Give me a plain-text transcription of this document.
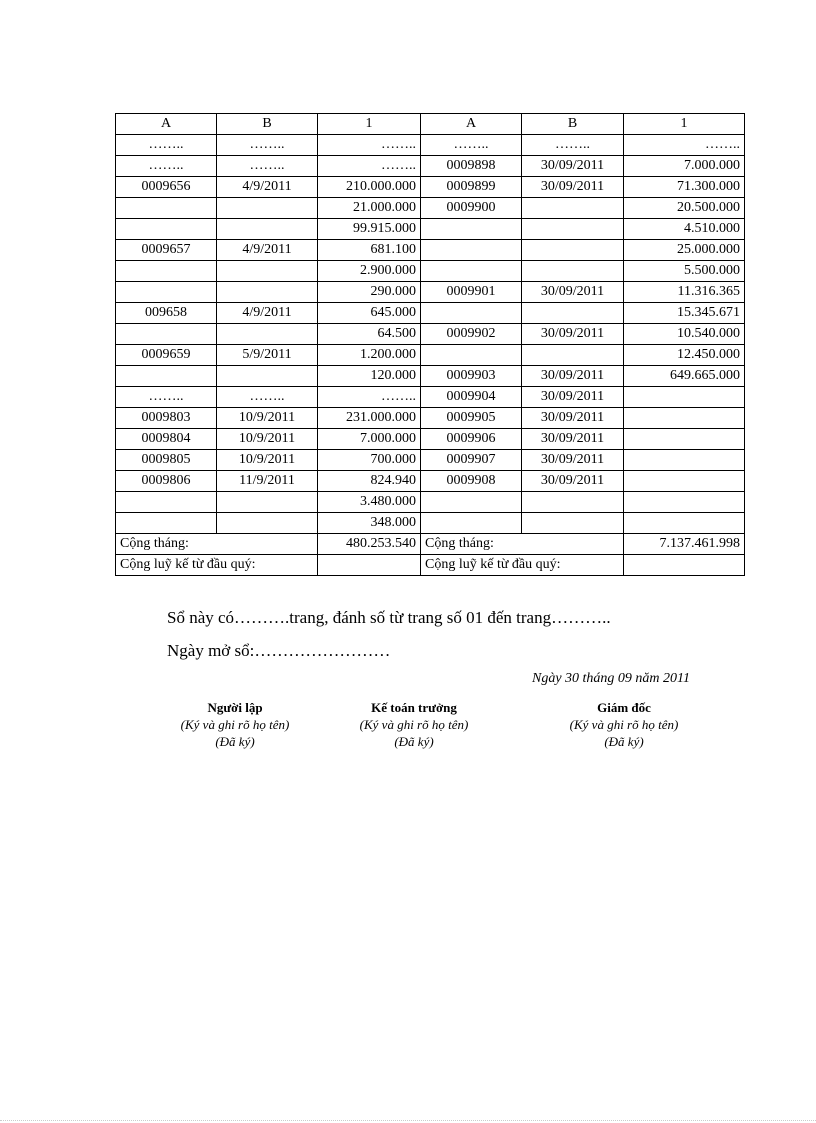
A	B	1	A	B	1
……..	……..	……..	……..	……..	……..
……..	……..	……..	0009898	30/09/2011	7.000.000
0009656	4/9/2011	210.000.000	0009899	30/09/2011	71.300.000
		21.000.000	0009900		20.500.000
		99.915.000			4.510.000
0009657	4/9/2011	681.100			25.000.000
		2.900.000			5.500.000
		290.000	0009901	30/09/2011	11.316.365
009658	4/9/2011	645.000			15.345.671
		64.500	0009902	30/09/2011	10.540.000
0009659	5/9/2011	1.200.000			12.450.000
		120.000	0009903	30/09/2011	649.665.000
……..	……..	……..	0009904	30/09/2011	
0009803	10/9/2011	231.000.000	0009905	30/09/2011	
0009804	10/9/2011	7.000.000	0009906	30/09/2011	
0009805	10/9/2011	700.000	0009907	30/09/2011	
0009806	11/9/2011	824.940	0009908	30/09/2011	
		3.480.000			
		348.000			
Cộng tháng:		480.253.540	Cộng tháng:		7.137.461.998
Cộng luỹ kế từ đầu quý:			Cộng luỹ kế từ đầu quý:		
Sổ này có……….trang, đánh số từ trang số 01 đến trang………..
Ngày mở sổ:……………………
Ngày 30 tháng 09 năm 2011
Người lập
(Ký và ghi rõ họ tên)
(Đã ký)
Kế toán trưởng
(Ký và ghi rõ họ tên)
(Đã ký)
Giám đốc
(Ký và ghi rõ họ tên)
(Đã ký)
